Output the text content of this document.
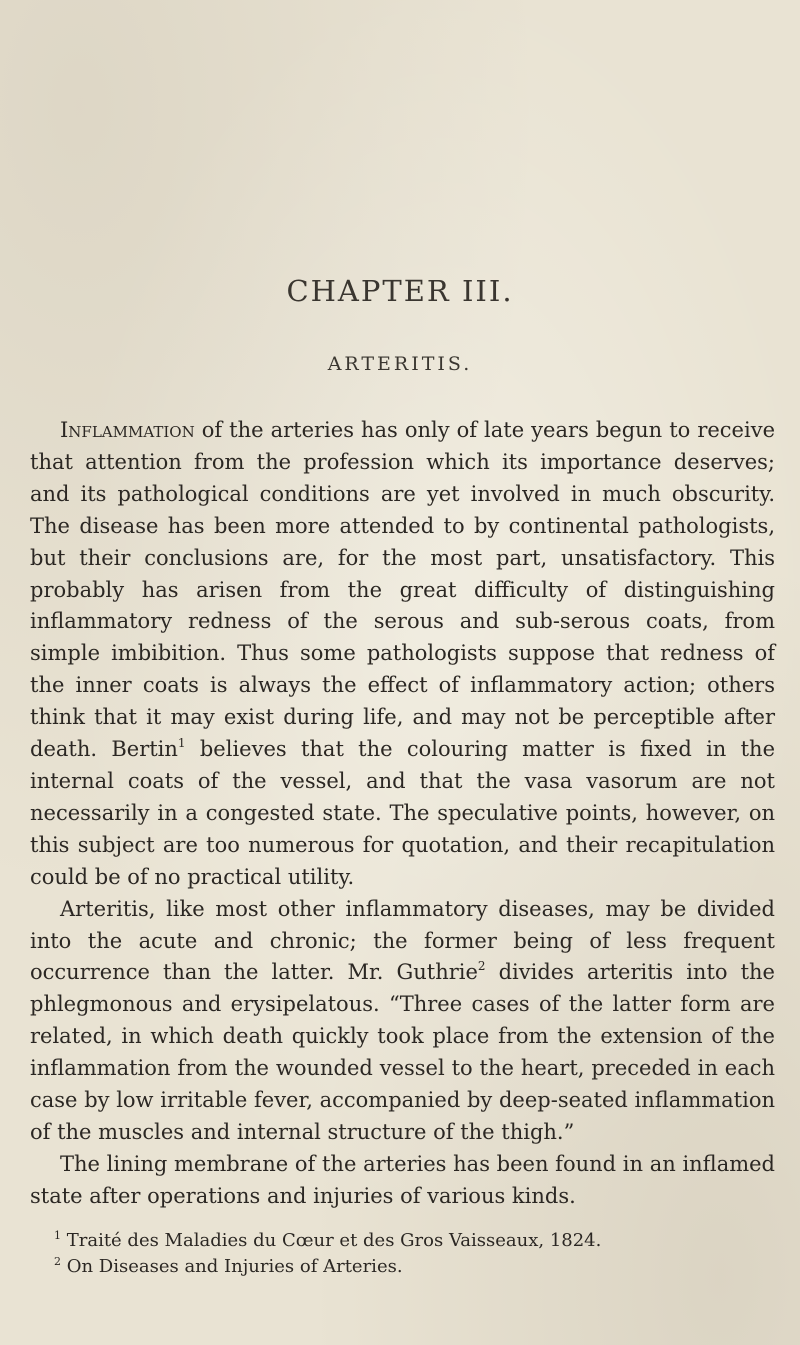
CHAPTER III.
ARTERITIS.

Inflammation of the arteries has only of late years begun to receive that attention from the profession which its importance deserves; and its pathological conditions are yet involved in much obscurity. The disease has been more attended to by continental pathologists, but their conclusions are, for the most part, unsatisfactory. This probably has arisen from the great difficulty of distinguishing inflammatory redness of the serous and sub-serous coats, from simple imbibition. Thus some pathologists suppose that redness of the inner coats is always the effect of inflammatory action; others think that it may exist during life, and may not be perceptible after death. Bertin$^1$ believes that the colouring matter is fixed in the internal coats of the vessel, and that the vasa vasorum are not necessarily in a congested state. The speculative points, however, on this subject are too numerous for quotation, and their recapitulation could be of no practical utility.

Arteritis, like most other inflammatory diseases, may be divided into the acute and chronic; the former being of less frequent occurrence than the latter. Mr. Guthrie$^2$ divides arteritis into the phlegmonous and erysipelatous. “Three cases of the latter form are related, in which death quickly took place from the extension of the inflammation from the wounded vessel to the heart, preceded in each case by low irritable fever, accompanied by deep-seated inflammation of the muscles and internal structure of the thigh.”

The lining membrane of the arteries has been found in an inflamed state after operations and injuries of various kinds.

$^1$ Traité des Maladies du Cœur et des Gros Vaisseaux, 1824.

$^2$ On Diseases and Injuries of Arteries.
